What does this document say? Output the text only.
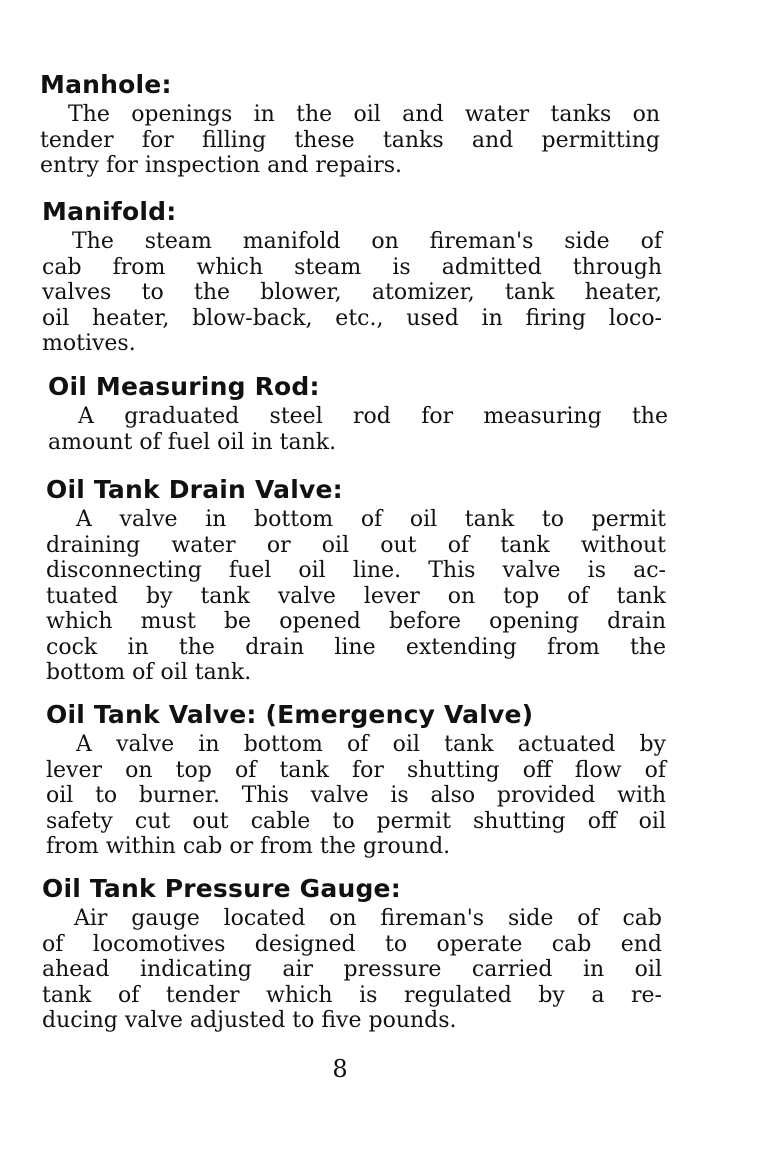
Manhole:
The openings in the oil and water tanks on
tender for filling these tanks and permitting
entry for inspection and repairs.
Manifold:
The steam manifold on fireman's side of
cab from which steam is admitted through
valves to the blower, atomizer, tank heater,
oil heater, blow-back, etc., used in firing loco-
motives.
Oil Measuring Rod:
A graduated steel rod for measuring the
amount of fuel oil in tank.
Oil Tank Drain Valve:
A valve in bottom of oil tank to permit
draining water or oil out of tank without
disconnecting fuel oil line. This valve is ac-
tuated by tank valve lever on top of tank
which must be opened before opening drain
cock in the drain line extending from the
bottom of oil tank.
Oil Tank Valve: (Emergency Valve)
A valve in bottom of oil tank actuated by
lever on top of tank for shutting off flow of
oil to burner. This valve is also provided with
safety cut out cable to permit shutting off oil
from within cab or from the ground.
Oil Tank Pressure Gauge:
Air gauge located on fireman's side of cab
of locomotives designed to operate cab end
ahead indicating air pressure carried in oil
tank of tender which is regulated by a re-
ducing valve adjusted to five pounds.
8
